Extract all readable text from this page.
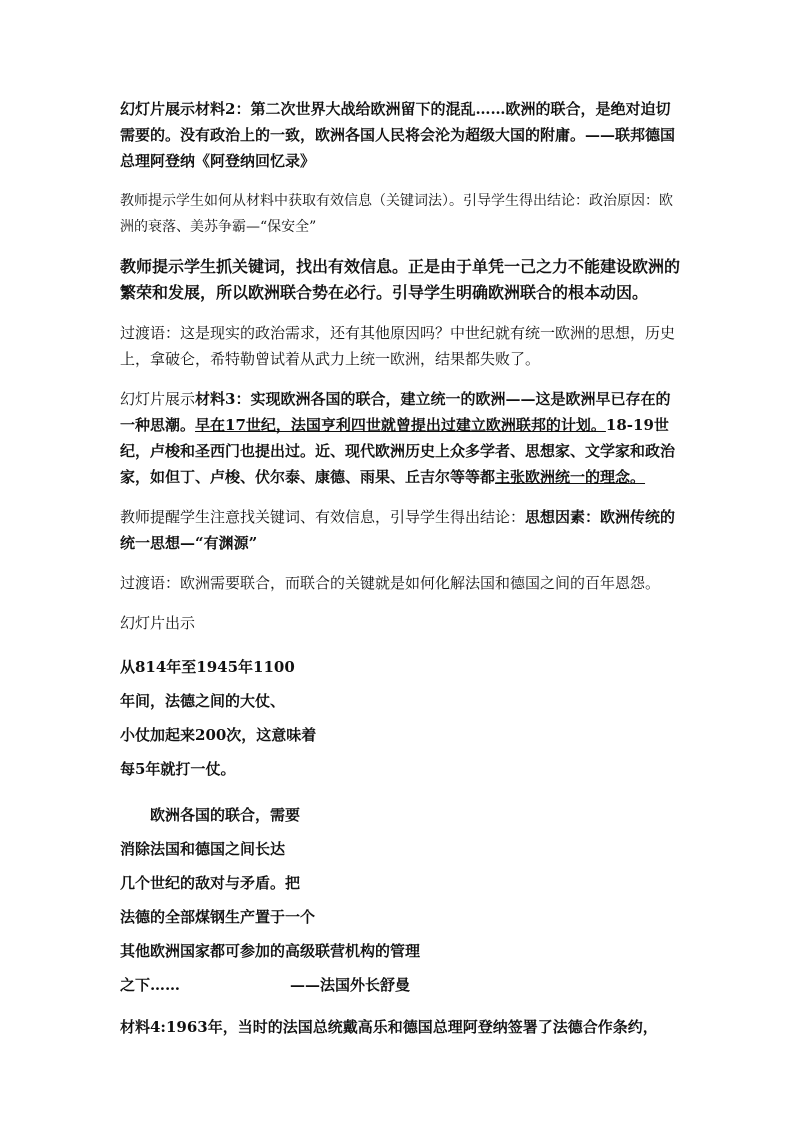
幻灯片展示材料2：第二次世界大战给欧洲留下的混乱……欧洲的联合，是绝对迫切需要的。没有政治上的一致，欧洲各国人民将会沦为超级大国的附庸。——联邦德国总理阿登纳《阿登纳回忆录》

教师提示学生如何从材料中获取有效信息（关键词法）。引导学生得出结论：政治原因：欧洲的衰落、美苏争霸—“保安全”

教师提示学生抓关键词，找出有效信息。正是由于单凭一己之力不能建设欧洲的繁荣和发展，所以欧洲联合势在必行。引导学生明确欧洲联合的根本动因。

过渡语：这是现实的政治需求，还有其他原因吗？中世纪就有统一欧洲的思想，历史上，拿破仑，希特勒曾试着从武力上统一欧洲，结果都失败了。

幻灯片展示材料3：实现欧洲各国的联合，建立统一的欧洲——这是欧洲早已存在的一种思潮。早在17世纪，法国亨利四世就曾提出过建立欧洲联邦的计划。18-19世纪，卢梭和圣西门也提出过。近、现代欧洲历史上众多学者、思想家、文学家和政治家，如但丁、卢梭、伏尔泰、康德、雨果、丘吉尔等等都主张欧洲统一的理念。

教师提醒学生注意找关键词、有效信息，引导学生得出结论：思想因素：欧洲传统的统一思想—“有渊源”

过渡语：欧洲需要联合，而联合的关键就是如何化解法国和德国之间的百年恩怨。

幻灯片出示

从814年至1945年1100
年间，法德之间的大仗、
小仗加起来200次，这意味着
每5年就打一仗。
欧洲各国的联合，需要
消除法国和德国之间长达
几个世纪的敌对与矛盾。把
法德的全部煤钢生产置于一个
其他欧洲国家都可参加的高级联营机构的管理
之下……	——法国外长舒曼

材料4:1963年，当时的法国总统戴高乐和德国总理阿登纳签署了法德合作条约，
